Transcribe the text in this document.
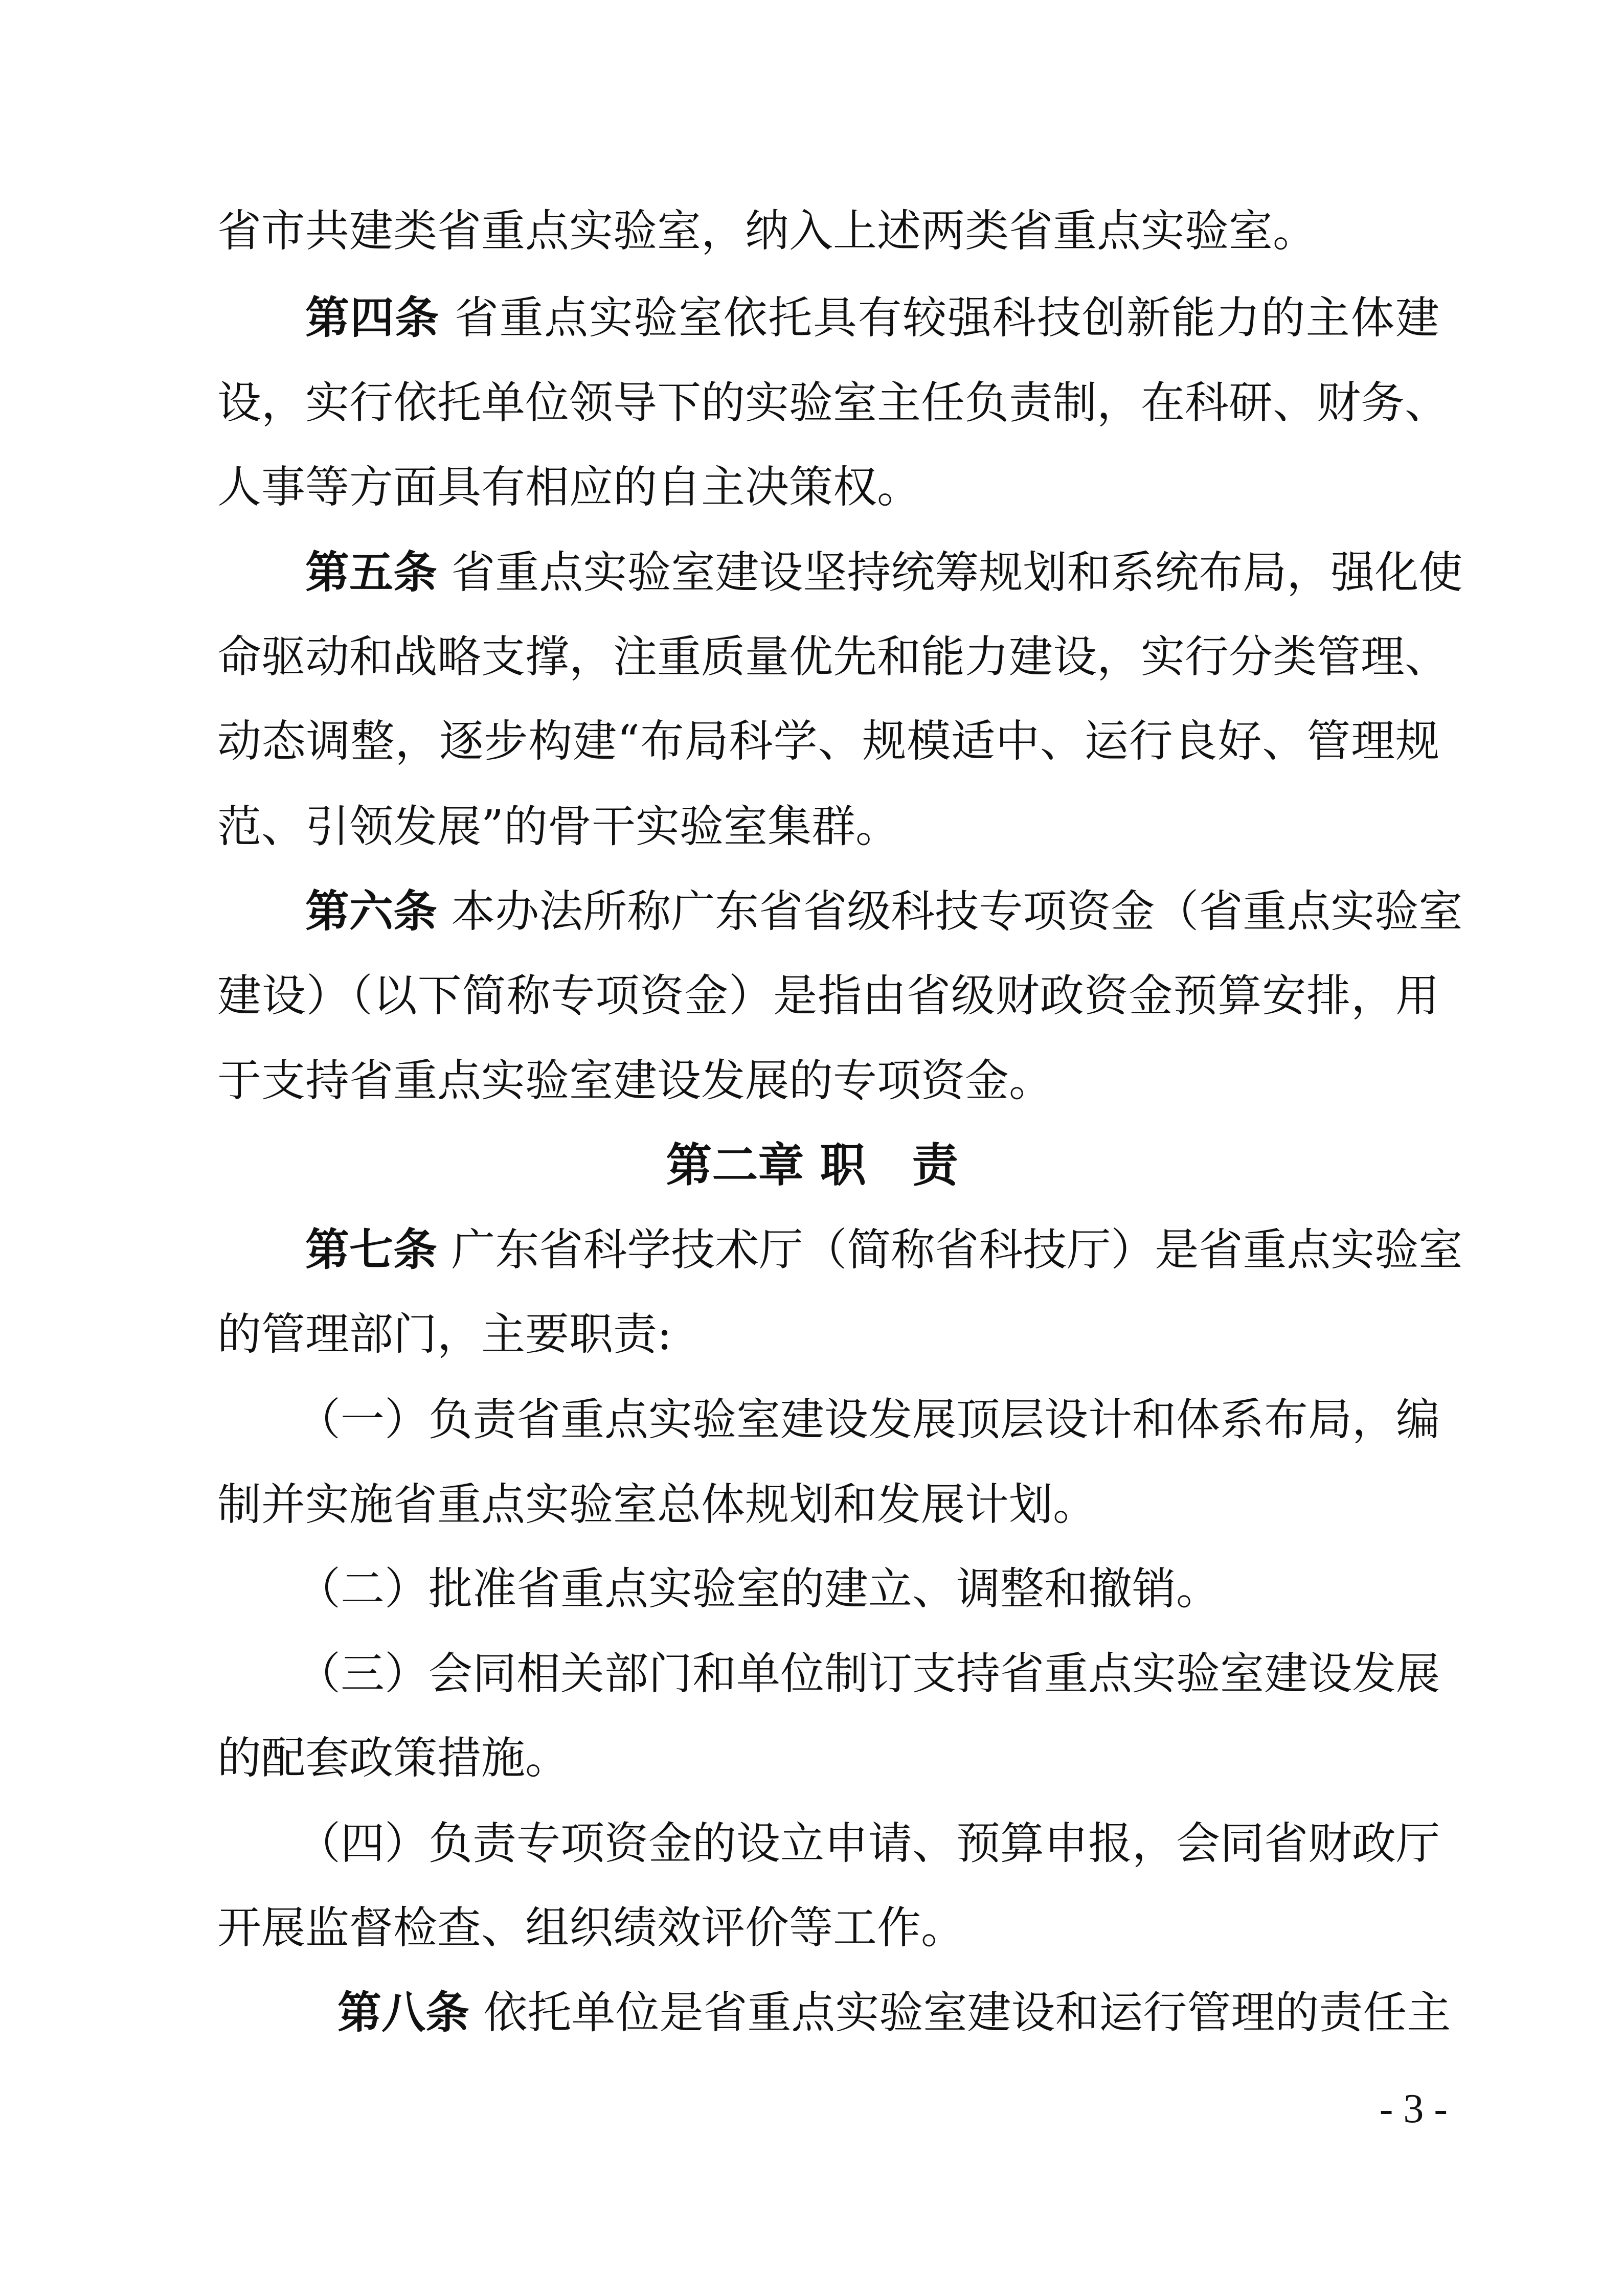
省市共建类省重点实验室，纳入上述两类省重点实验室。
第四条 省重点实验室依托具有较强科技创新能力的主体建
设，实行依托单位领导下的实验室主任负责制，在科研、财务、
人事等方面具有相应的自主决策权。
第五条 省重点实验室建设坚持统筹规划和系统布局，强化使
命驱动和战略支撑，注重质量优先和能力建设，实行分类管理、
动态调整，逐步构建“布局科学、规模适中、运行良好、管理规
范、引领发展”的骨干实验室集群。
第六条 本办法所称广东省省级科技专项资金（省重点实验室
建设）（以下简称专项资金）是指由省级财政资金预算安排，用
于支持省重点实验室建设发展的专项资金。
第二章 职　责
第七条 广东省科学技术厅（简称省科技厅）是省重点实验室
的管理部门，主要职责:
（一）负责省重点实验室建设发展顶层设计和体系布局，编
制并实施省重点实验室总体规划和发展计划。
（二）批准省重点实验室的建立、调整和撤销。
（三）会同相关部门和单位制订支持省重点实验室建设发展
的配套政策措施。
（四）负责专项资金的设立申请、预算申报，会同省财政厅
开展监督检查、组织绩效评价等工作。
第八条 依托单位是省重点实验室建设和运行管理的责任主
- 3 -
